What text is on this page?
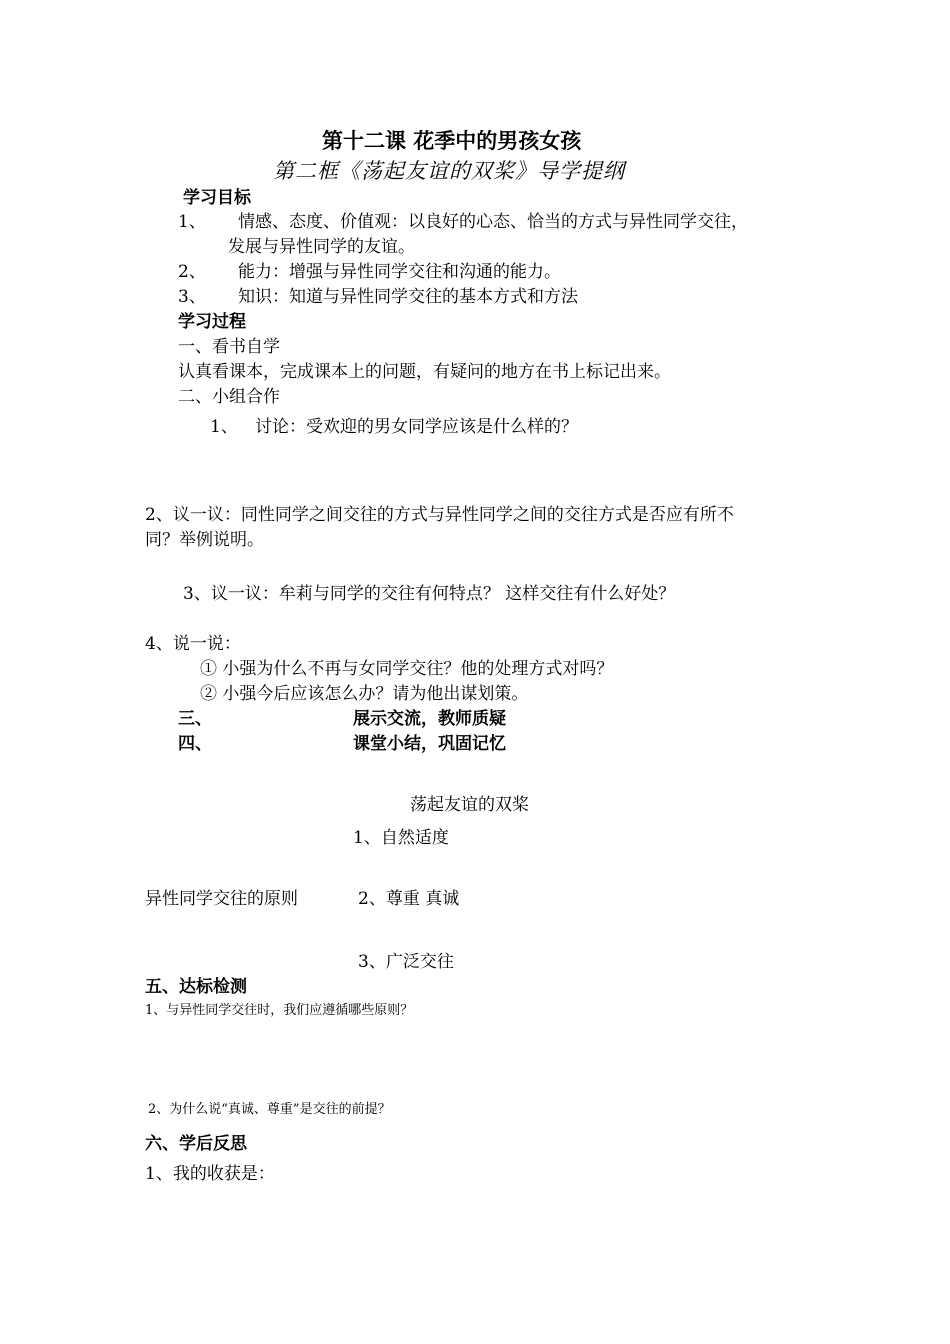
第十二课 花季中的男孩女孩
第二框《荡起友谊的双桨》导学提纲
学习目标
1、 情感、态度、价值观：以良好的心态、恰当的方式与异性同学交往，
发展与异性同学的友谊。
2、 能力：增强与异性同学交往和沟通的能力。
3、 知识：知道与异性同学交往的基本方式和方法
学习过程
一、看书自学
认真看课本，完成课本上的问题，有疑问的地方在书上标记出来。
二、小组合作
1、 讨论：受欢迎的男女同学应该是什么样的？
2、议一议：同性同学之间交往的方式与异性同学之间的交往方式是否应有所不
同？举例说明。
3、议一议：牟莉与同学的交往有何特点？ 这样交往有什么好处？
4、说一说：
① 小强为什么不再与女同学交往？他的处理方式对吗？
② 小强今后应该怎么办？请为他出谋划策。
三、	展示交流，教师质疑
四、	课堂小结，巩固记忆
荡起友谊的双桨
1、自然适度
异性同学交往的原则	2、尊重 真诚
3、广泛交往
五、达标检测
1、与异性同学交往时，我们应遵循哪些原则？
2、为什么说“真诚、尊重”是交往的前提？
六、学后反思
1、我的收获是：
